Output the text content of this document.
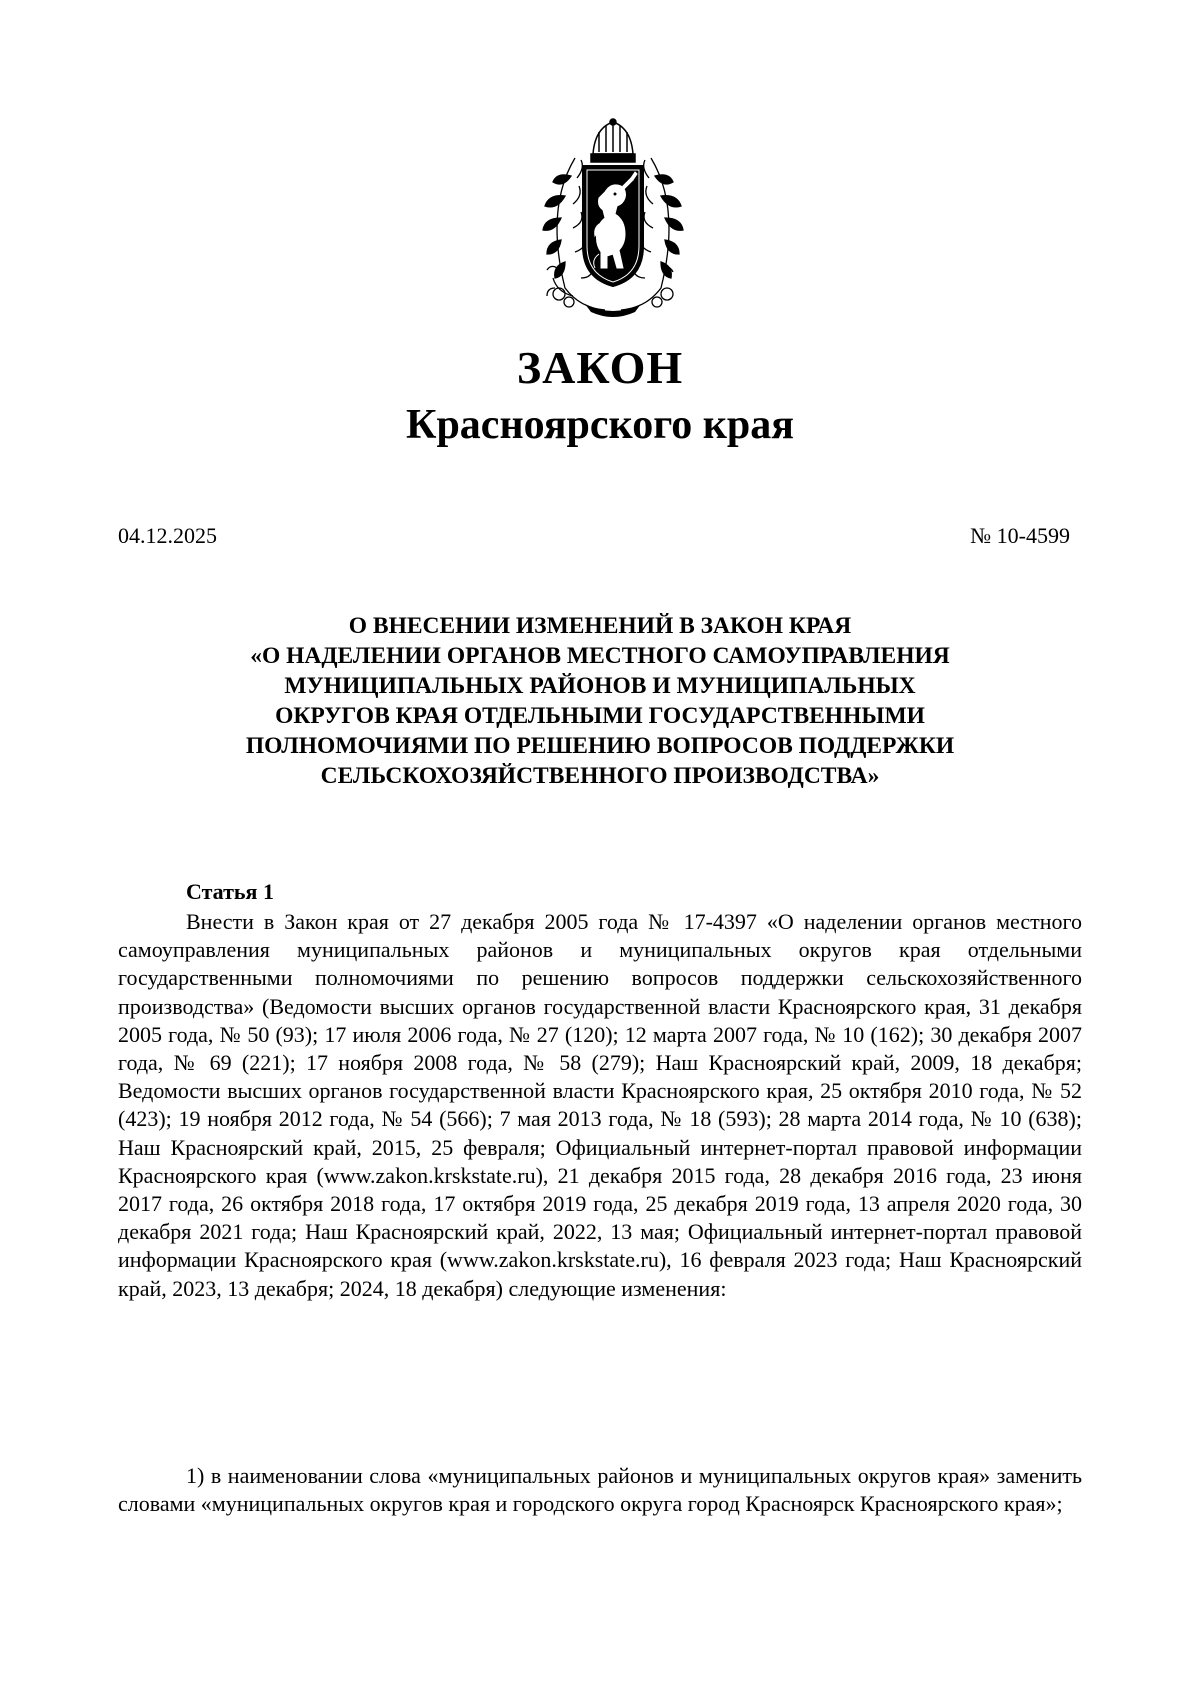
ЗАКОН
Красноярского края
04.12.2025	№ 10-4599
О ВНЕСЕНИИ ИЗМЕНЕНИЙ В ЗАКОН КРАЯ
«О НАДЕЛЕНИИ ОРГАНОВ МЕСТНОГО САМОУПРАВЛЕНИЯ
МУНИЦИПАЛЬНЫХ РАЙОНОВ И МУНИЦИПАЛЬНЫХ
ОКРУГОВ КРАЯ ОТДЕЛЬНЫМИ ГОСУДАРСТВЕННЫМИ
ПОЛНОМОЧИЯМИ ПО РЕШЕНИЮ ВОПРОСОВ ПОДДЕРЖКИ
СЕЛЬСКОХОЗЯЙСТВЕННОГО ПРОИЗВОДСТВА»
Статья 1

Внести в Закон края от 27 декабря 2005 года № 17-4397 «О наделении органов местного самоуправления муниципальных районов и муниципальных округов края отдельными государственными полномочиями по решению вопросов поддержки сельскохозяйственного производства» (Ведомости высших органов государственной власти Красноярского края, 31 декабря 2005 года, № 50 (93); 17 июля 2006 года, № 27 (120); 12 марта 2007 года, № 10 (162); 30 декабря 2007 года, № 69 (221); 17 ноября 2008 года, № 58 (279); Наш Красноярский край, 2009, 18 декабря; Ведомости высших органов государственной власти Красноярского края, 25 октября 2010 года, № 52 (423); 19 ноября 2012 года, № 54 (566); 7 мая 2013 года, № 18 (593); 28 марта 2014 года, № 10 (638); Наш Красноярский край, 2015, 25 февраля; Официальный интернет-портал правовой информации Красноярского края (www.zakon.krskstate.ru), 21 декабря 2015 года, 28 декабря 2016 года, 23 июня 2017 года, 26 октября 2018 года, 17 октября 2019 года, 25 декабря 2019 года, 13 апреля 2020 года, 30 декабря 2021 года; Наш Красноярский край, 2022, 13 мая; Официальный интернет-портал правовой информации Красноярского края (www.zakon.krskstate.ru), 16 февраля 2023 года; Наш Красноярский край, 2023, 13 декабря; 2024, 18 декабря) следующие изменения:

1) в наименовании слова «муниципальных районов и муниципальных округов края» заменить словами «муниципальных округов края и городского округа город Красноярск Красноярского края»;
